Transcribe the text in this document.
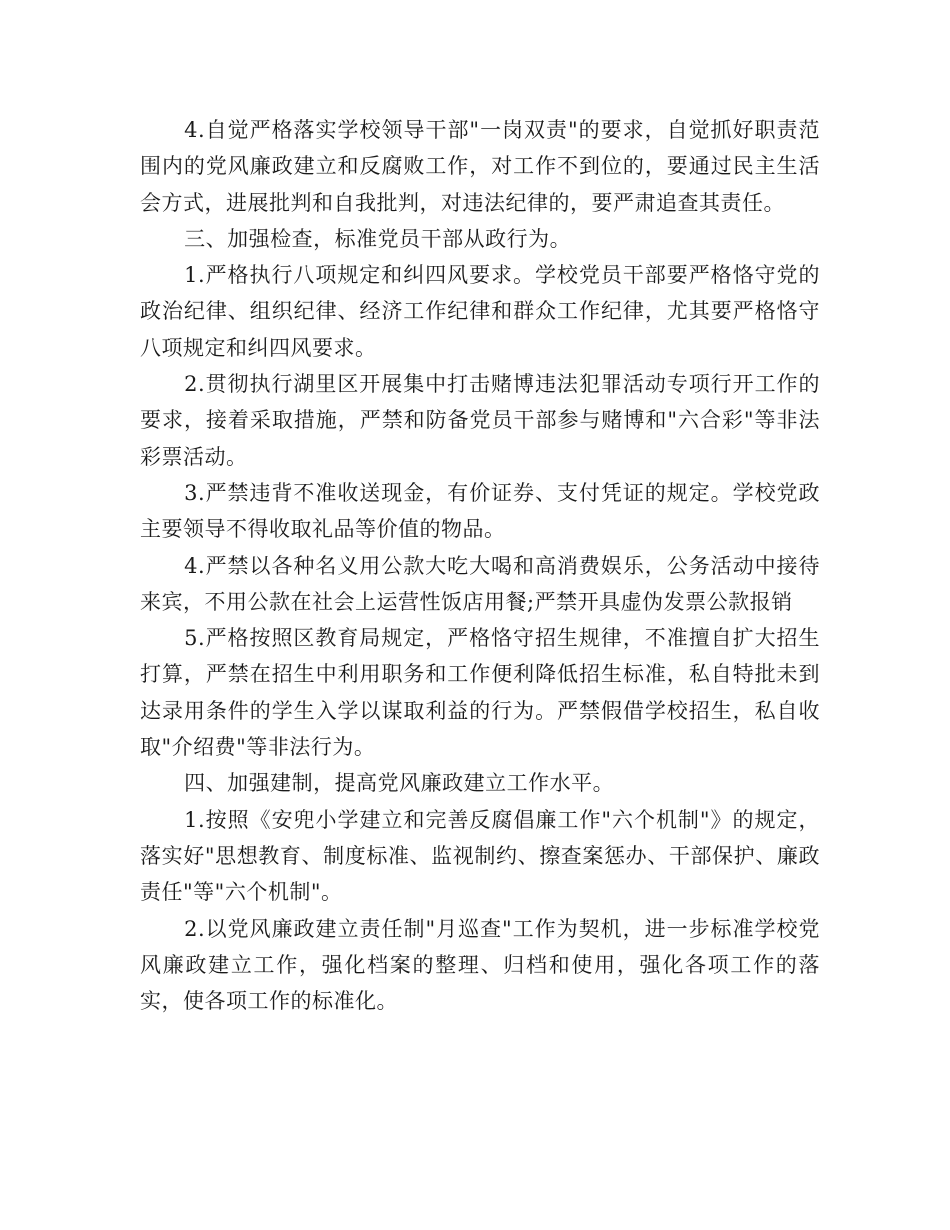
4.自觉严格落实学校领导干部"一岗双责"的要求，自觉抓好职责范围内的党风廉政建立和反腐败工作，对工作不到位的，要通过民主生活会方式，进展批判和自我批判，对违法纪律的，要严肃追查其责任。

三、加强检查，标准党员干部从政行为。

1.严格执行八项规定和纠四风要求。学校党员干部要严格恪守党的政治纪律、组织纪律、经济工作纪律和群众工作纪律，尤其要严格恪守八项规定和纠四风要求。

2.贯彻执行湖里区开展集中打击赌博违法犯罪活动专项行开工作的要求，接着采取措施，严禁和防备党员干部参与赌博和"六合彩"等非法彩票活动。

3.严禁违背不准收送现金，有价证券、支付凭证的规定。学校党政主要领导不得收取礼品等价值的物品。

4.严禁以各种名义用公款大吃大喝和高消费娱乐，公务活动中接待来宾，不用公款在社会上运营性饭店用餐;严禁开具虚伪发票公款报销

5.严格按照区教育局规定，严格恪守招生规律，不准擅自扩大招生打算，严禁在招生中利用职务和工作便利降低招生标准，私自特批未到达录用条件的学生入学以谋取利益的行为。严禁假借学校招生，私自收取"介绍费"等非法行为。

四、加强建制，提高党风廉政建立工作水平。

1.按照《安兜小学建立和完善反腐倡廉工作"六个机制"》的规定，落实好"思想教育、制度标准、监视制约、擦查案惩办、干部保护、廉政责任"等"六个机制"。

2.以党风廉政建立责任制"月巡查"工作为契机，进一步标准学校党风廉政建立工作，强化档案的整理、归档和使用，强化各项工作的落实，使各项工作的标准化。
